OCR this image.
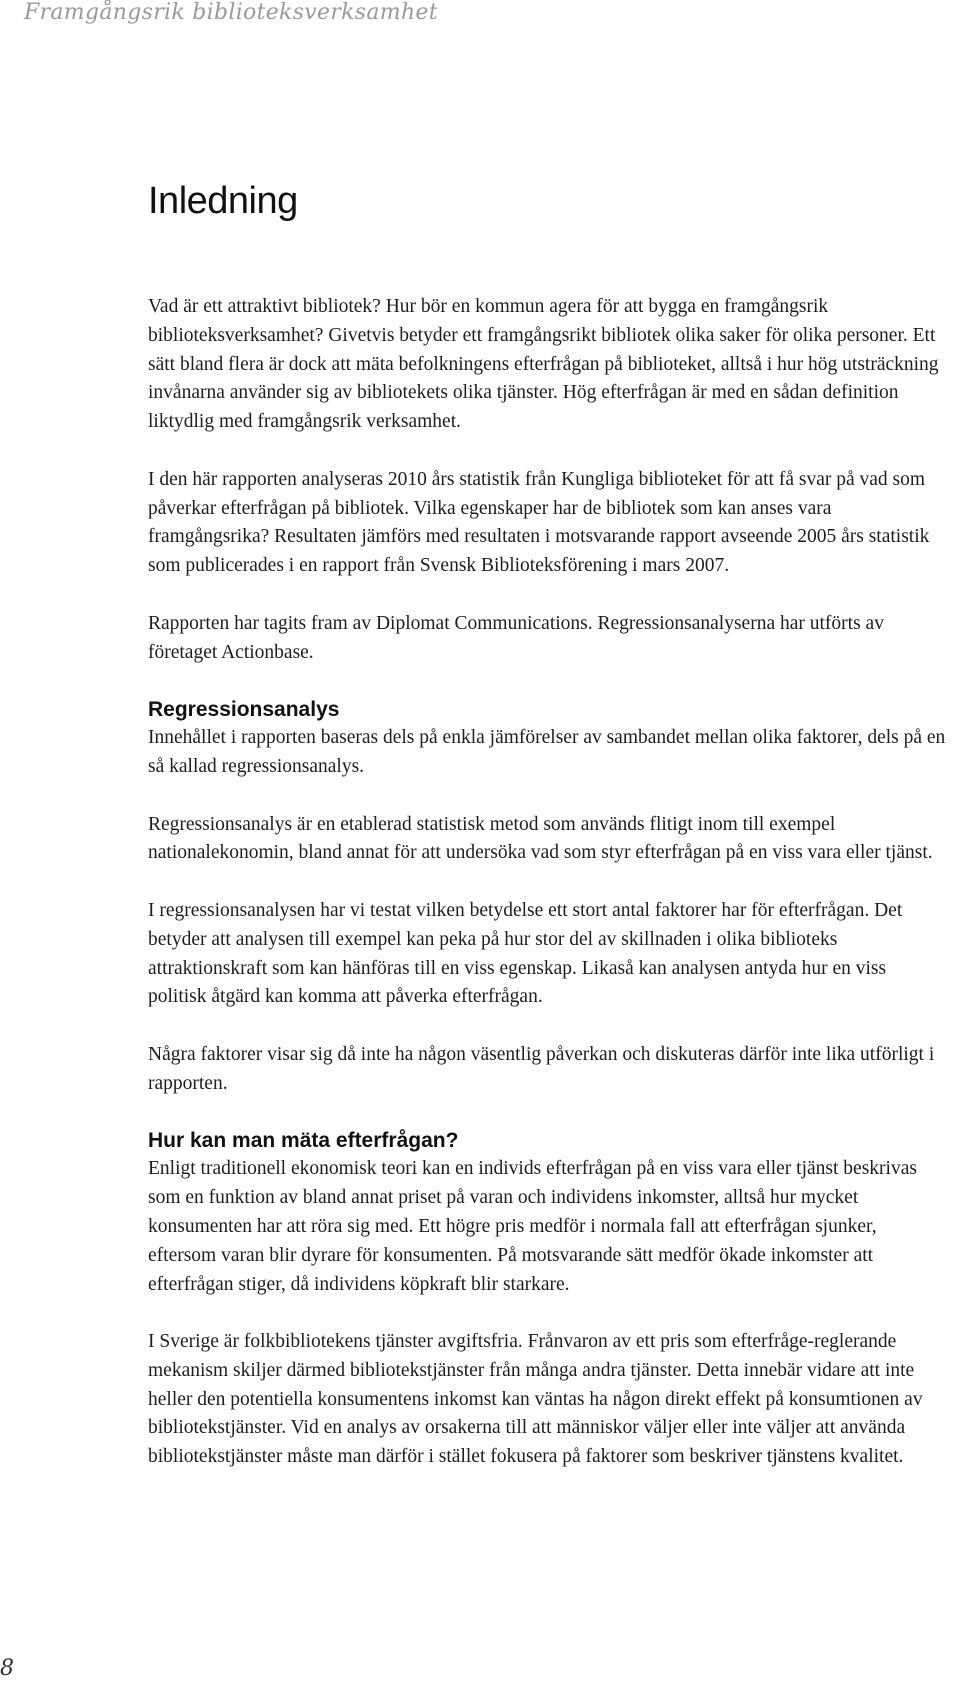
Framgångsrik biblioteksverksamhet
Inledning

Vad är ett attraktivt bibliotek? Hur bör en kommun agera för att bygga en framgångsrik biblioteksverksamhet? Givetvis betyder ett framgångsrikt bibliotek olika saker för olika personer. Ett sätt bland flera är dock att mäta befolkningens efterfrågan på biblioteket, alltså i hur hög utsträckning invånarna använder sig av bibliotekets olika tjänster. Hög efterfrågan är med en sådan definition liktydlig med framgångsrik verksamhet.

I den här rapporten analyseras 2010 års statistik från Kungliga biblioteket för att få svar på vad som påverkar efterfrågan på bibliotek. Vilka egenskaper har de bibliotek som kan anses vara framgångsrika? Resultaten jämförs med resultaten i motsvarande rapport avseende 2005 års statistik som publicerades i en rapport från Svensk Biblioteksförening i mars 2007.

Rapporten har tagits fram av Diplomat Communications. Regressionsanalyserna har utförts av företaget Actionbase.

Regressionsanalys

Innehållet i rapporten baseras dels på enkla jämförelser av sambandet mellan olika faktorer, dels på en så kallad regressionsanalys.

Regressionsanalys är en etablerad statistisk metod som används flitigt inom till exempel nationalekonomin, bland annat för att undersöka vad som styr efterfrågan på en viss vara eller tjänst.

I regressionsanalysen har vi testat vilken betydelse ett stort antal faktorer har för efterfrågan. Det betyder att analysen till exempel kan peka på hur stor del av skillnaden i olika biblioteks attraktionskraft som kan hänföras till en viss egenskap. Likaså kan analysen antyda hur en viss politisk åtgärd kan komma att påverka efterfrågan.

Några faktorer visar sig då inte ha någon väsentlig påverkan och diskuteras därför inte lika utförligt i rapporten.

Hur kan man mäta efterfrågan?

Enligt traditionell ekonomisk teori kan en individs efterfrågan på en viss vara eller tjänst beskrivas som en funktion av bland annat priset på varan och individens inkomster, alltså hur mycket konsumenten har att röra sig med. Ett högre pris medför i normala fall att efterfrågan sjunker, eftersom varan blir dyrare för konsumenten. På motsvarande sätt medför ökade inkomster att efterfrågan stiger, då individens köpkraft blir starkare.

I Sverige är folkbibliotekens tjänster avgiftsfria. Frånvaron av ett pris som efterfråge-reglerande mekanism skiljer därmed bibliotekstjänster från många andra tjänster. Detta innebär vidare att inte heller den potentiella konsumentens inkomst kan väntas ha någon direkt effekt på konsumtionen av bibliotekstjänster. Vid en analys av orsakerna till att människor väljer eller inte väljer att använda bibliotekstjänster måste man därför i stället fokusera på faktorer som beskriver tjänstens kvalitet.

8
